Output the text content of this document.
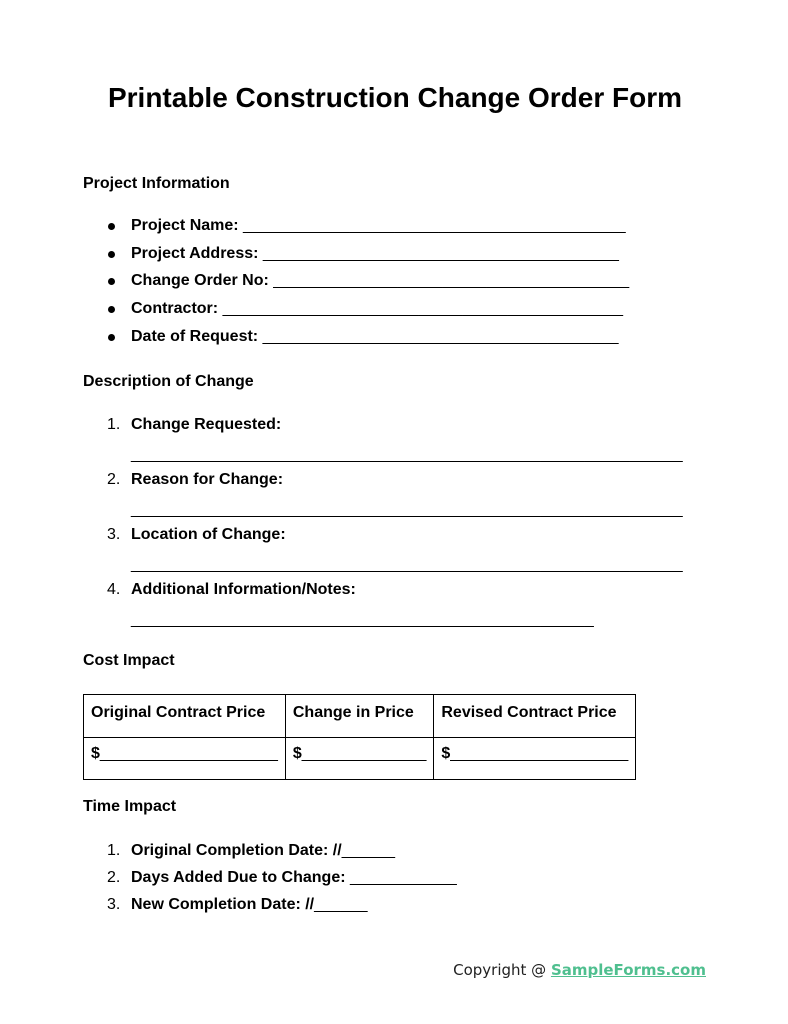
Printable Construction Change Order Form
Project Information
Project Name: ___________________________________________
Project Address: ________________________________________
Change Order No: ________________________________________
Contractor: _____________________________________________
Date of Request: ________________________________________
Description of Change
1. Change Requested:
______________________________________________________________
2. Reason for Change:
______________________________________________________________
3. Location of Change:
______________________________________________________________
4. Additional Information/Notes:
____________________________________________________
Cost Impact
Original Contract Price	Change in Price	Revised Contract Price
$____________________	$______________	$____________________
Time Impact
1. Original Completion Date: //______
2. Days Added Due to Change: ____________
3. New Completion Date: //______
Copyright @ SampleForms.com
